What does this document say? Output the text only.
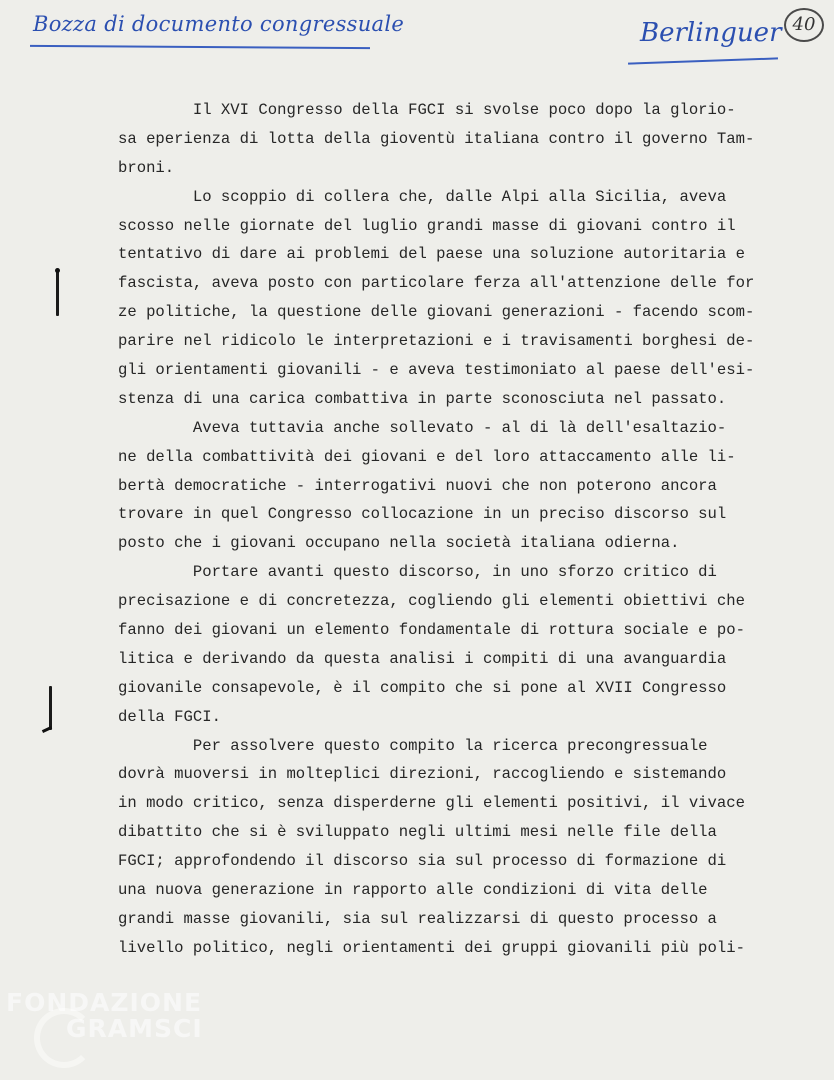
Bozza di documento congressuale	Berlinguer 40
Il XVI Congresso della FGCI si svolse poco dopo la glorio-
sa eperienza di lotta della gioventù italiana contro il governo Tam-
broni.
Lo scoppio di collera che, dalle Alpi alla Sicilia, aveva
scosso nelle giornate del luglio grandi masse di giovani contro il
tentativo di dare ai problemi del paese una soluzione autoritaria e
fascista, aveva posto con particolare ferza all'attenzione delle for
ze politiche, la questione delle giovani generazioni - facendo scom-
parire nel ridicolo le interpretazioni e i travisamenti borghesi de-
gli orientamenti giovanili - e aveva testimoniato al paese dell'esi-
stenza di una carica combattiva in parte sconosciuta nel passato.
Aveva tuttavia anche sollevato - al di là dell'esaltazio-
ne della combattività dei giovani e del loro attaccamento alle li-
bertà democratiche - interrogativi nuovi che non poterono ancora
trovare in quel Congresso collocazione in un preciso discorso sul
posto che i giovani occupano nella società italiana odierna.
Portare avanti questo discorso, in uno sforzo critico di
precisazione e di concretezza, cogliendo gli elementi obiettivi che
fanno dei giovani un elemento fondamentale di rottura sociale e po-
litica e derivando da questa analisi i compiti di una avanguardia
giovanile consapevole, è il compito che si pone al XVII Congresso
della FGCI.
Per assolvere questo compito la ricerca precongressuale
dovrà muoversi in molteplici direzioni, raccogliendo e sistemando
in modo critico, senza disperderne gli elementi positivi, il vivace
dibattito che si è sviluppato negli ultimi mesi nelle file della
FGCI; approfondendo il discorso sia sul processo di formazione di
una nuova generazione in rapporto alle condizioni di vita delle
grandi masse giovanili, sia sul realizzarsi di questo processo a
livello politico, negli orientamenti dei gruppi giovanili più poli-
FONDAZIONE
GRAMSCI
